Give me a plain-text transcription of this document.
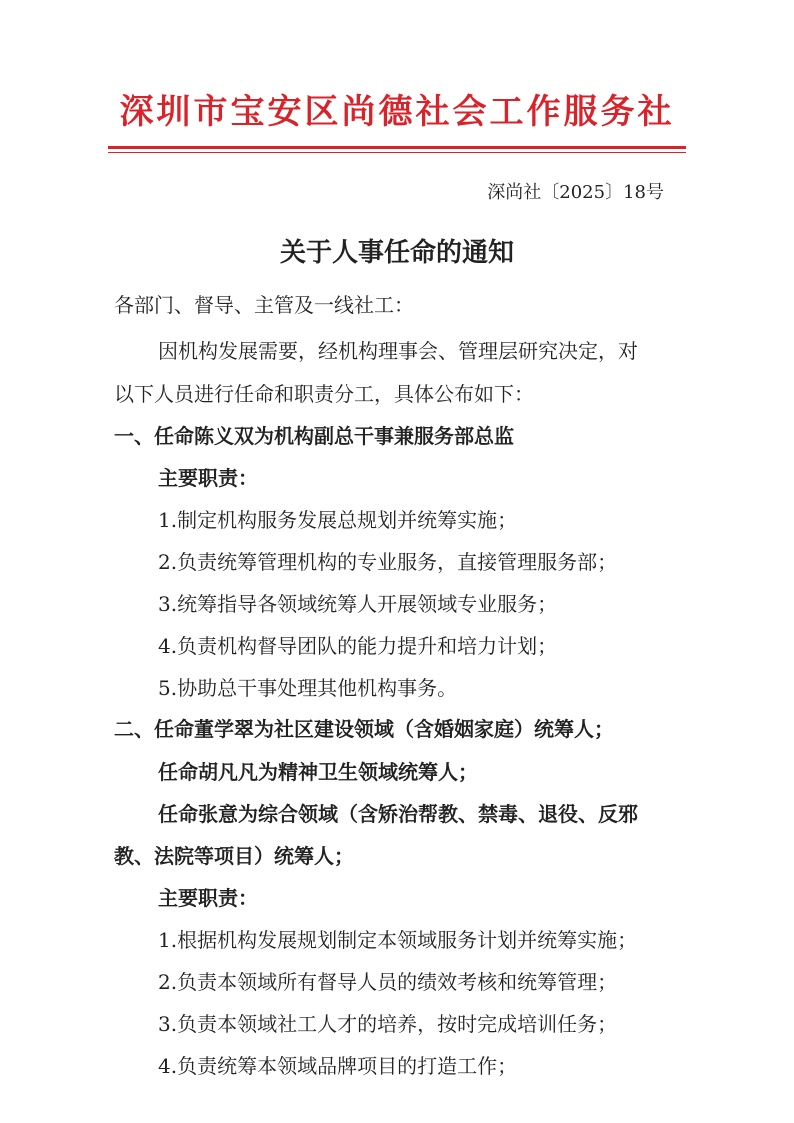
深圳市宝安区尚德社会工作服务社
深尚社〔2025〕18号
关于人事任命的通知
各部门、督导、主管及一线社工：
因机构发展需要，经机构理事会、管理层研究决定，对
以下人员进行任命和职责分工，具体公布如下：
一、任命陈义双为机构副总干事兼服务部总监
主要职责：
1.制定机构服务发展总规划并统筹实施；
2.负责统筹管理机构的专业服务，直接管理服务部；
3.统筹指导各领域统筹人开展领域专业服务；
4.负责机构督导团队的能力提升和培力计划；
5.协助总干事处理其他机构事务。
二、任命董学翠为社区建设领域（含婚姻家庭）统筹人；
任命胡凡凡为精神卫生领域统筹人；
任命张意为综合领域（含矫治帮教、禁毒、退役、反邪
教、法院等项目）统筹人；
主要职责：
1.根据机构发展规划制定本领域服务计划并统筹实施；
2.负责本领域所有督导人员的绩效考核和统筹管理；
3.负责本领域社工人才的培养，按时完成培训任务；
4.负责统筹本领域品牌项目的打造工作；
